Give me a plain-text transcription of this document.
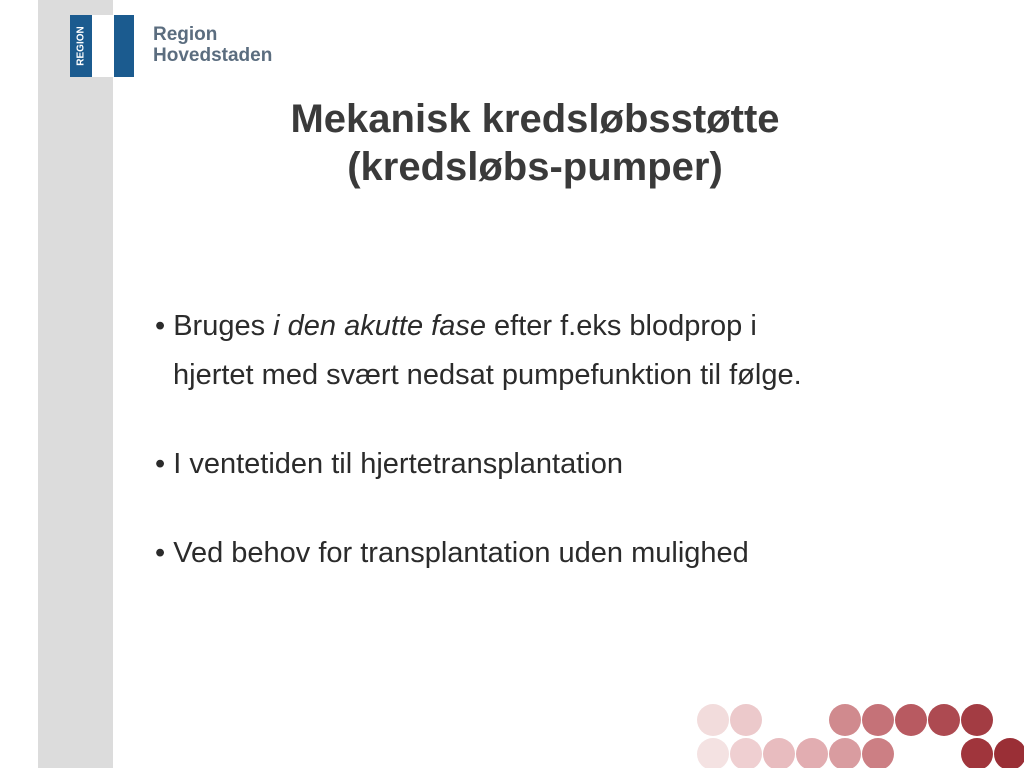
REGION	Region
Hovedstaden
Mekanisk kredsløbsstøtte
(kredsløbs-pumper)
• Bruges i den akutte fase efter f.eks blodprop i
hjertet med svært nedsat pumpefunktion til følge.
• I ventetiden til hjertetransplantation
• Ved behov for transplantation uden mulighed
